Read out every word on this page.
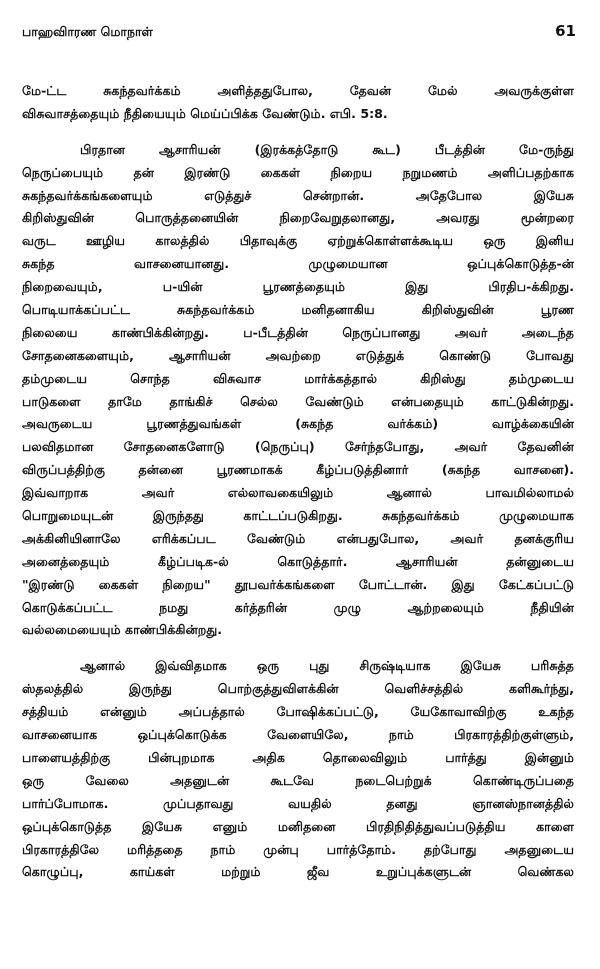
பாஹவிாரண மொநாள்	61
மே-ட்ட சுகந்தவர்க்கம் அளித்ததுபோல, தேவன் மேல் அவருக்குள்ள
விசுவாசத்தையும் நீதியையும் மெய்ப்பிக்க வேண்டும். எபி. 5:8.
பிரதான ஆசாரியன் (இரக்கத்தோடு கூட) பீடத்தின் மே-ருந்து
நெருப்பையும் தன் இரண்டு கைகள் நிறைய நறுமணம் அளிப்பதற்காக
சுகந்தவர்க்கங்களையும் எடுத்துச் சென்றான். அதேபோல இயேசு
கிறிஸ்துவின் பொருத்தனையின் நிறைவேறுதலானது, அவரது மூன்றரை
வருட ஊழிய காலத்தில் பிதாவுக்கு ஏற்றுக்கொள்ளக்கூடிய ஒரு இனிய
சுகந்த வாசனையானது. முழுமையான ஒப்புக்கொடுத்த-ன்
நிறைவையும், ப-யின் பூரணத்தையும் இது பிரதிப-க்கிறது.
பொடியாக்கப்பட்ட சுகந்தவர்க்கம் மனிதனாகிய கிறிஸ்துவின் பூரண
நிலையை காண்பிக்கின்றது. ப-பீடத்தின் நெருப்பானது அவர் அடைந்த
சோதனைகளையும், ஆசாரியன் அவற்றை எடுத்துக் கொண்டு போவது
தம்முடைய சொந்த விசுவாச மார்க்கத்தால் கிறிஸ்து தம்முடைய
பாடுகளை தாமே தாங்கிச் செல்ல வேண்டும் என்பதையும் காட்டுகின்றது.
அவருடைய பூரணத்துவங்கள் (சுகந்த வர்க்கம்) வாழ்க்கையின்
பலவிதமான சோதனைகளோடு (நெருப்பு) சேர்ந்தபோது, அவர் தேவனின்
விருப்பத்திற்கு தன்னை பூரணமாகக் கீழ்ப்படுத்தினார் (சுகந்த வாசனை).
இவ்வாறாக அவர் எல்லாவகையிலும் ஆனால் பாவமில்லாமல்
பொறுமையுடன் இருந்தது காட்டப்படுகிறது. சுகந்தவர்க்கம் முழுமையாக
அக்கினியினாலே எரிக்கப்பட வேண்டும் என்பதுபோல, அவர் தனக்குரிய
அனைத்தையும் கீழ்ப்படிக-ல் கொடுத்தார். ஆசாரியன் தன்னுடைய
"இரண்டு கைகள் நிறைய" தூபவர்க்கங்களை போட்டான். இது கேட்கப்பட்டு
கொடுக்கப்பட்ட நமது கர்த்தரின் முழு ஆற்றலையும் நீதியின்
வல்லமையையும் காண்பிக்கின்றது.
ஆனால் இவ்விதமாக ஒரு புது சிருஷ்டியாக இயேசு பரிசுத்த
ஸ்தலத்தில் இருந்து பொற்குத்துவிளக்கின் வெளிச்சத்தில் களிகூர்ந்து,
சத்தியம் என்னும் அப்பத்தால் போஷிக்கப்பட்டு, யேகோவாவிற்கு உகந்த
வாசனையாக ஒப்புக்கொடுக்க வேளையிலே, நாம் பிரகாரத்திற்குள்ளும்,
பாளையத்திற்கு பின்புறமாக அதிக தொலைவிலும் பார்த்து இன்னும்
ஒரு வேலை அதனுடன் கூடவே நடைபெற்றுக் கொண்டிருப்பதை
பார்ப்போமாக. முப்பதாவது வயதில் தனது ஞானஸ்நானத்தில்
ஒப்புக்கொடுத்த இயேசு எனும் மனிதனை பிரதிநிதித்துவப்படுத்திய காளை
பிரகாரத்திலே மரித்ததை நாம் முன்பு பார்த்தோம். தற்போது அதனுடைய
கொழுப்பு, காய்கள் மற்றும் ஜீவ உறுப்புக்களுடன் வெண்கல
